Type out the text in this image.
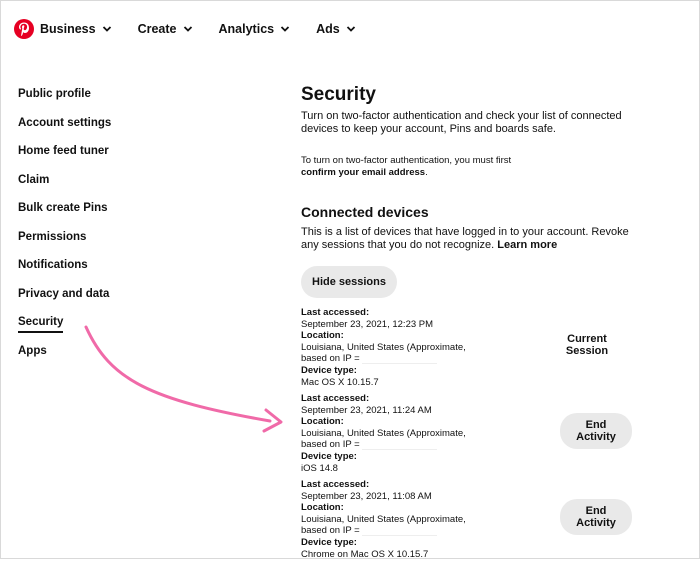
Business	Create	Analytics	Ads
Public profile
Account settings
Home feed tuner
Claim
Bulk create Pins
Permissions
Notifications
Privacy and data
Security
Apps
Security

Turn on two-factor authentication and check your list of connected devices to keep your account, Pins and boards safe.

To turn on two-factor authentication, you must first
confirm your email address.
Connected devices
This is a list of devices that have logged in to your account. Revoke any sessions that you do not recognize. Learn more
Hide sessions
Last accessed:
September 23, 2021, 12:23 PM
Location:
Louisiana, United States (Approximate,
based on IP =
Device type:
Mac OS X 10.15.7
Current Session
Last accessed:
September 23, 2021, 11:24 AM
Location:
Louisiana, United States (Approximate,
based on IP =
Device type:
iOS 14.8
End Activity
Last accessed:
September 23, 2021, 11:08 AM
Location:
Louisiana, United States (Approximate,
based on IP =
Device type:
Chrome on Mac OS X 10.15.7
End Activity
